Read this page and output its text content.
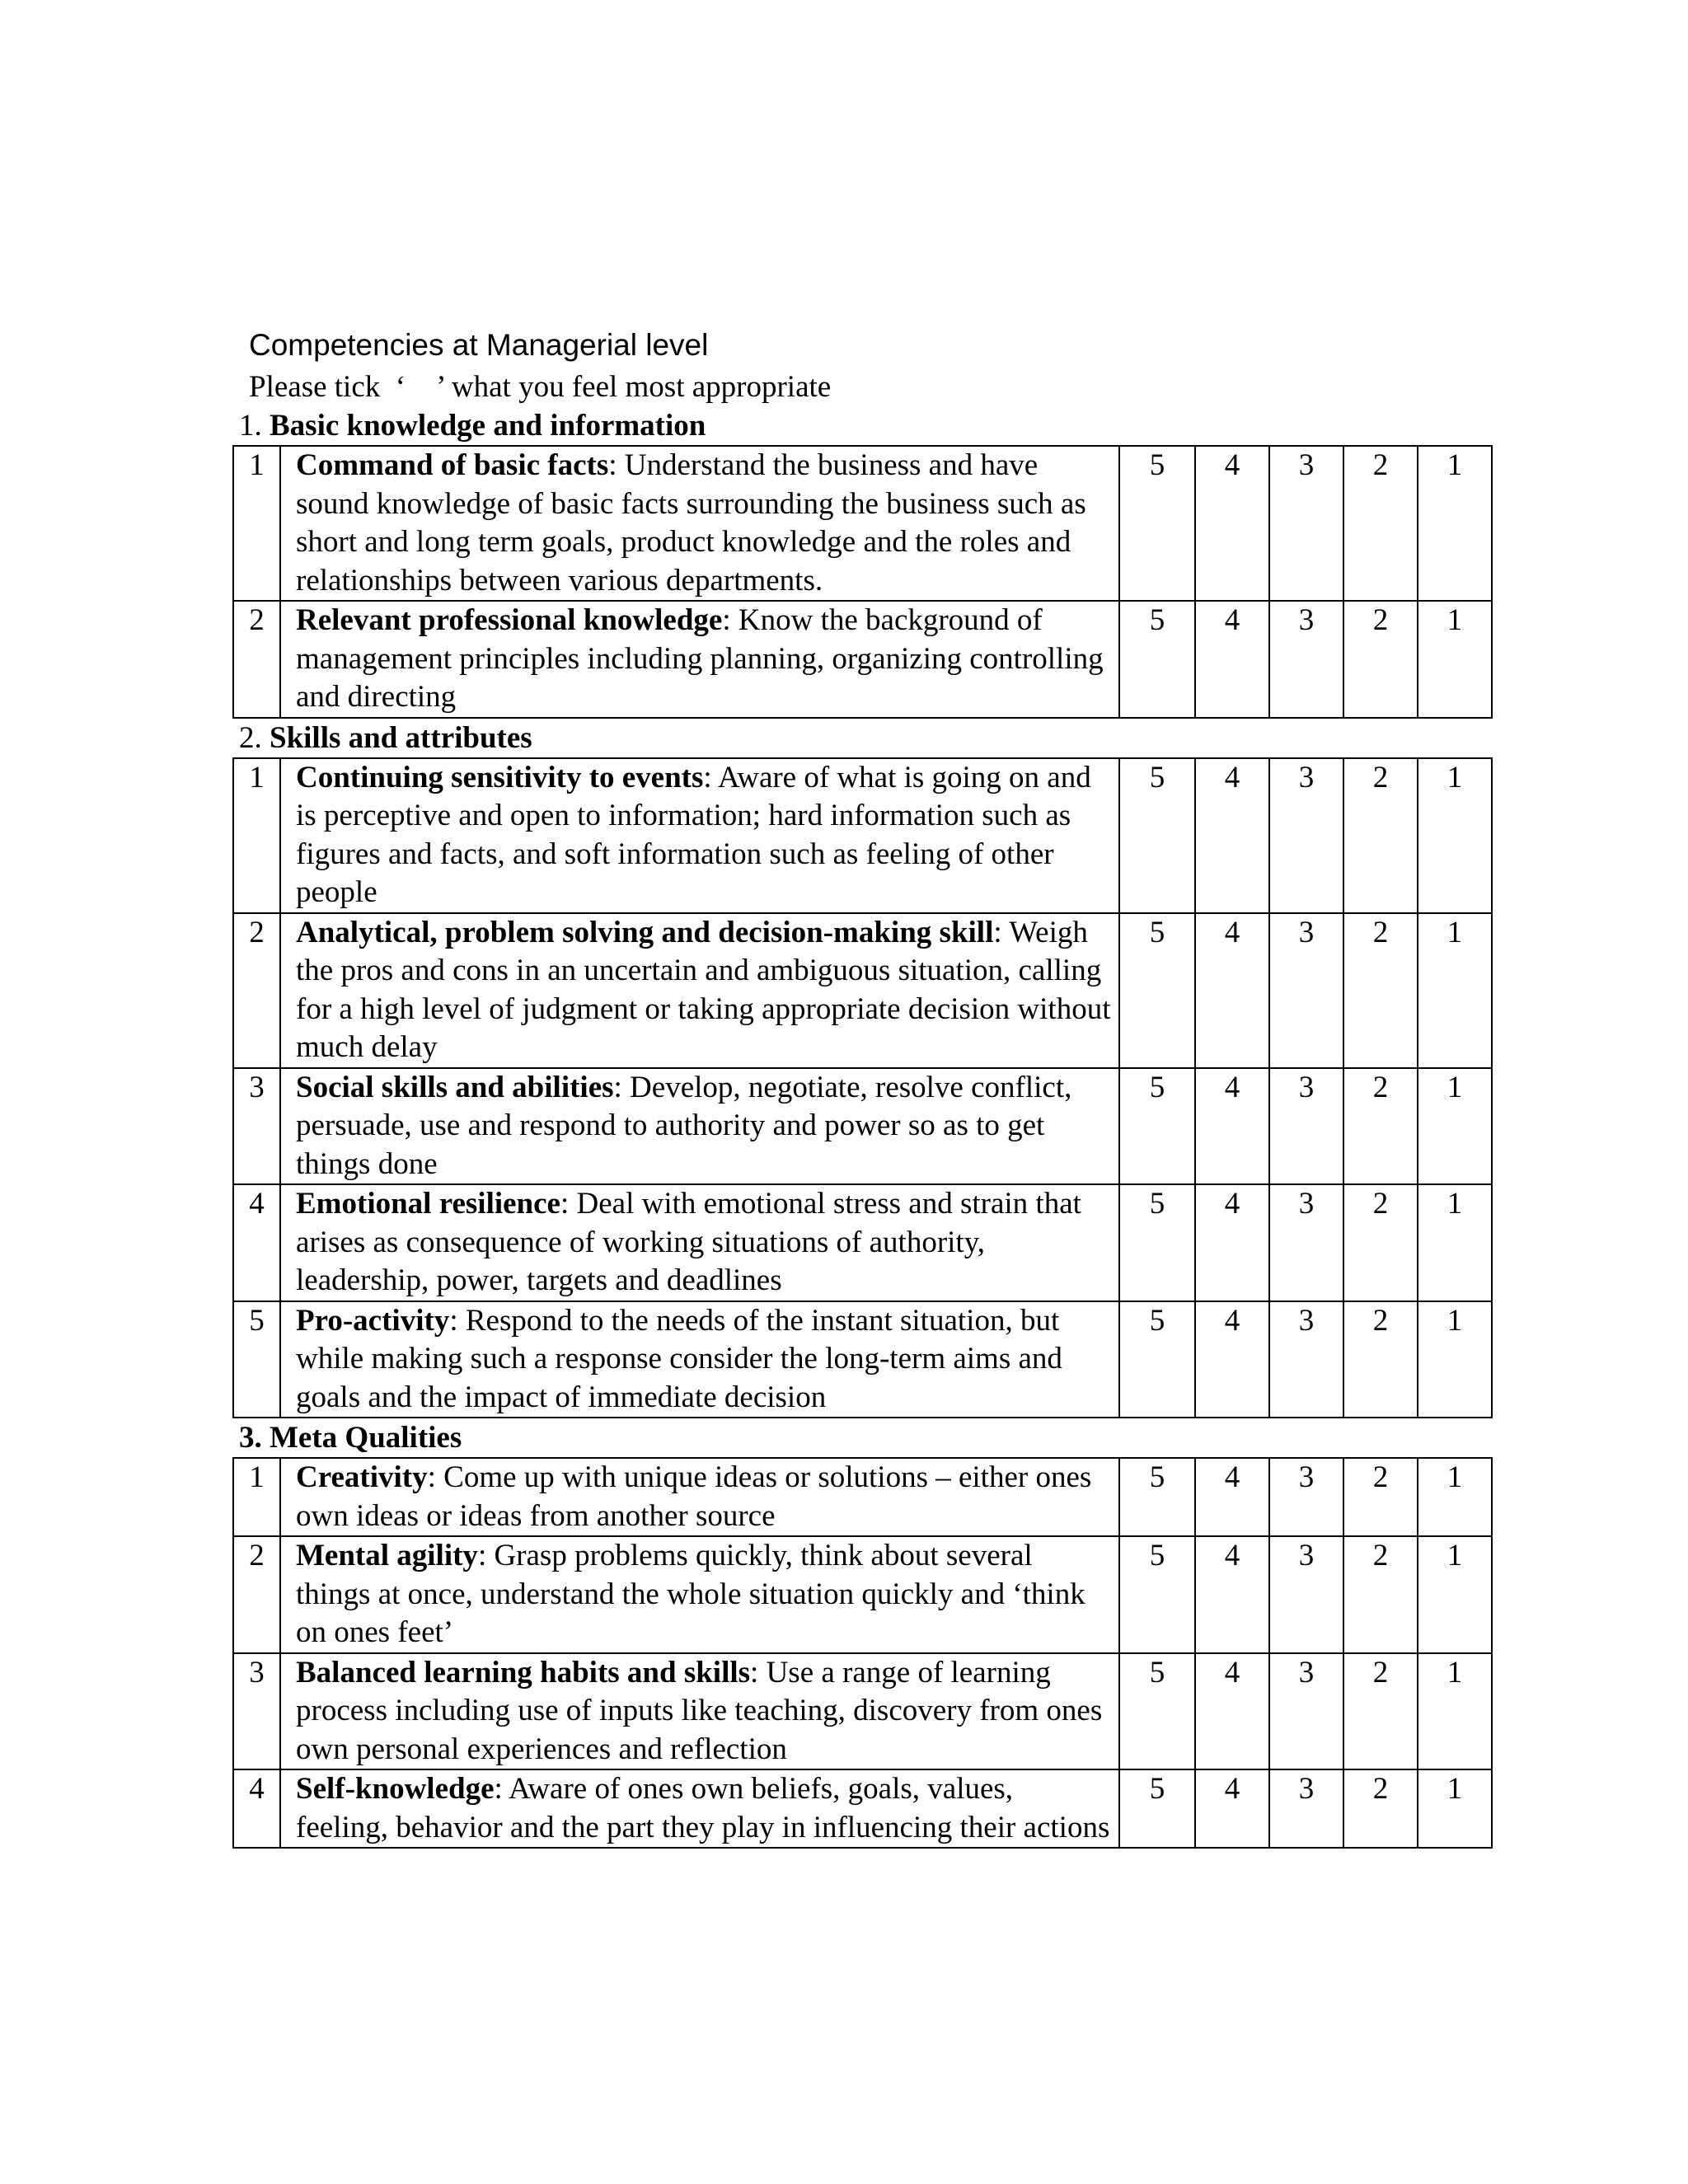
Competencies at Managerial level
Please tick  ‘    ’ what you feel most appropriate
1. Basic knowledge and information
1	Command of basic facts: Understand the business and have sound knowledge of basic facts surrounding the business such as short and long term goals, product knowledge and the roles and relationships between various departments.	5	4	3	2	1
2	Relevant professional knowledge: Know the background of management principles including planning, organizing controlling and directing	5	4	3	2	1
2. Skills and attributes
1	Continuing sensitivity to events: Aware of what is going on and is perceptive and open to information; hard information such as figures and facts, and soft information such as feeling of other people	5	4	3	2	1
2	Analytical, problem solving and decision-making skill: Weigh the pros and cons in an uncertain and ambiguous situation, calling for a high level of judgment or taking appropriate decision without much delay	5	4	3	2	1
3	Social skills and abilities: Develop, negotiate, resolve conflict, persuade, use and respond to authority and power so as to get things done	5	4	3	2	1
4	Emotional resilience: Deal with emotional stress and strain that arises as consequence of working situations of authority, leadership, power, targets and deadlines	5	4	3	2	1
5	Pro-activity: Respond to the needs of the instant situation, but while making such a response consider the long-term aims and goals and the impact of immediate decision	5	4	3	2	1
3. Meta Qualities
1	Creativity: Come up with unique ideas or solutions – either ones own ideas or ideas from another source	5	4	3	2	1
2	Mental agility: Grasp problems quickly, think about several things at once, understand the whole situation quickly and ‘think on ones feet’	5	4	3	2	1
3	Balanced learning habits and skills: Use a range of learning process including use of inputs like teaching, discovery from ones own personal experiences and reflection	5	4	3	2	1
4	Self-knowledge: Aware of ones own beliefs, goals, values, feeling, behavior and the part they play in influencing their actions	5	4	3	2	1
